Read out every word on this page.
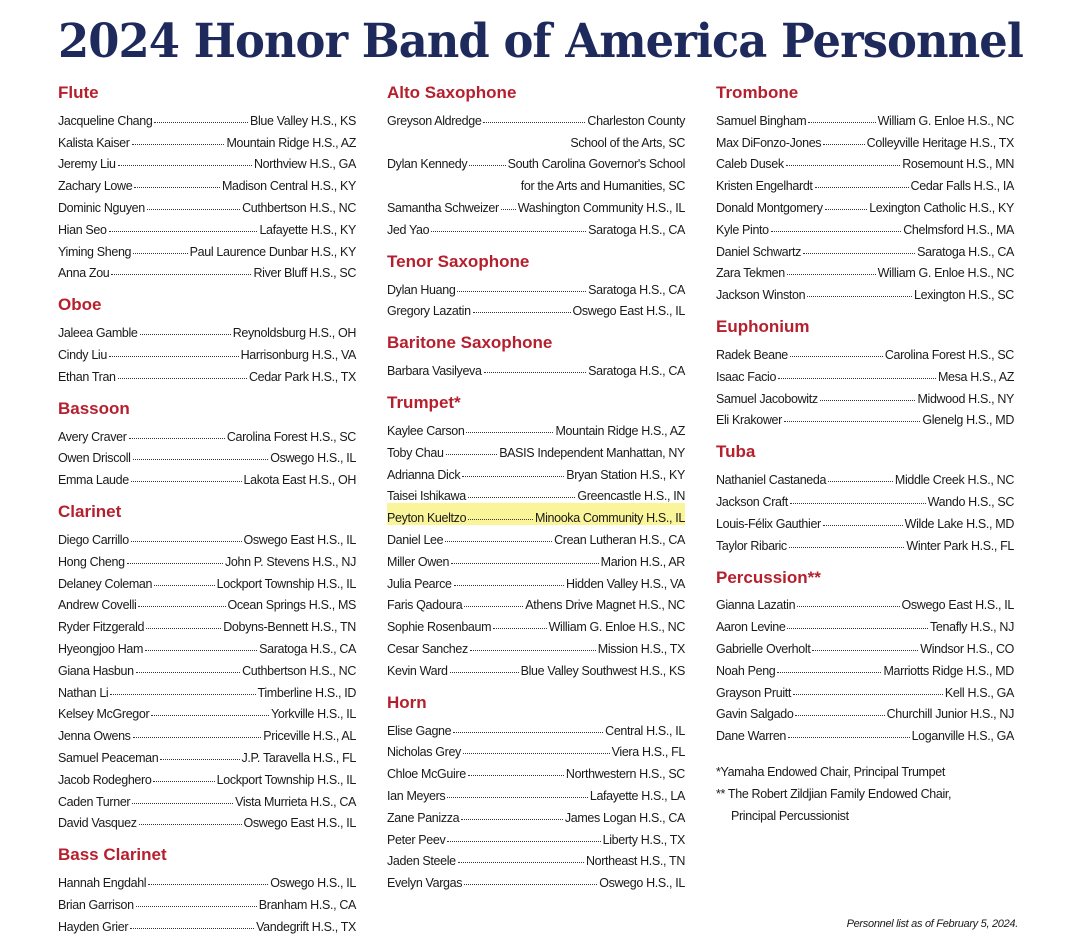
2024 Honor Band of America Personnel
Flute
Jacqueline Chang	Blue Valley H.S., KS
Kalista Kaiser	Mountain Ridge H.S., AZ
Jeremy Liu	Northview H.S., GA
Zachary Lowe	Madison Central H.S., KY
Dominic Nguyen	Cuthbertson H.S., NC
Hian Seo	Lafayette H.S., KY
Yiming Sheng	Paul Laurence Dunbar H.S., KY
Anna Zou	River Bluff H.S., SC
Oboe
Jaleea Gamble	Reynoldsburg H.S., OH
Cindy Liu	Harrisonburg H.S., VA
Ethan Tran	Cedar Park H.S., TX
Bassoon
Avery Craver	Carolina Forest H.S., SC
Owen Driscoll	Oswego H.S., IL
Emma Laude	Lakota East H.S., OH
Clarinet
Diego Carrillo	Oswego East H.S., IL
Hong Cheng	John P. Stevens H.S., NJ
Delaney Coleman	Lockport Township H.S., IL
Andrew Covelli	Ocean Springs H.S., MS
Ryder Fitzgerald	Dobyns-Bennett H.S., TN
Hyeongjoo Ham	Saratoga H.S., CA
Giana Hasbun	Cuthbertson H.S., NC
Nathan Li	Timberline H.S., ID
Kelsey McGregor	Yorkville H.S., IL
Jenna Owens	Priceville H.S., AL
Samuel Peaceman	J.P. Taravella H.S., FL
Jacob Rodeghero	Lockport Township H.S., IL
Caden Turner	Vista Murrieta H.S., CA
David Vasquez	Oswego East H.S., IL
Bass Clarinet
Hannah Engdahl	Oswego H.S., IL
Brian Garrison	Branham H.S., CA
Hayden Grier	Vandegrift H.S., TX
Alto Saxophone
Greyson Aldredge	Charleston County
School of the Arts, SC
Dylan Kennedy	South Carolina Governor's School
for the Arts and Humanities, SC
Samantha Schweizer Washington Community H.S., IL
Jed Yao	Saratoga H.S., CA
Tenor Saxophone
Dylan Huang	Saratoga H.S., CA
Gregory Lazatin	Oswego East H.S., IL
Baritone Saxophone
Barbara Vasilyeva	Saratoga H.S., CA
Trumpet*
Kaylee Carson	Mountain Ridge H.S., AZ
Toby Chau	BASIS Independent Manhattan, NY
Adrianna Dick	Bryan Station H.S., KY
Taisei Ishikawa	Greencastle H.S., IN
Peyton Kueltzo	Minooka Community H.S., IL
Daniel Lee	Crean Lutheran H.S., CA
Miller Owen	Marion H.S., AR
Julia Pearce	Hidden Valley H.S., VA
Faris Qadoura	Athens Drive Magnet H.S., NC
Sophie Rosenbaum	William G. Enloe H.S., NC
Cesar Sanchez	Mission H.S., TX
Kevin Ward	Blue Valley Southwest H.S., KS
Horn
Elise Gagne	Central H.S., IL
Nicholas Grey	Viera H.S., FL
Chloe McGuire	Northwestern H.S., SC
Ian Meyers	Lafayette H.S., LA
Zane Panizza	James Logan H.S., CA
Peter Peev	Liberty H.S., TX
Jaden Steele	Northeast H.S., TN
Evelyn Vargas	Oswego H.S., IL
Trombone
Samuel Bingham	William G. Enloe H.S., NC
Max DiFonzo-Jones	Colleyville Heritage H.S., TX
Caleb Dusek	Rosemount H.S., MN
Kristen Engelhardt	Cedar Falls H.S., IA
Donald Montgomery	Lexington Catholic H.S., KY
Kyle Pinto	Chelmsford H.S., MA
Daniel Schwartz	Saratoga H.S., CA
Zara Tekmen	William G. Enloe H.S., NC
Jackson Winston	Lexington H.S., SC
Euphonium
Radek Beane	Carolina Forest H.S., SC
Isaac Facio	Mesa H.S., AZ
Samuel Jacobowitz	Midwood H.S., NY
Eli Krakower	Glenelg H.S., MD
Tuba
Nathaniel Castaneda	Middle Creek H.S., NC
Jackson Craft	Wando H.S., SC
Louis-Félix Gauthier	Wilde Lake H.S., MD
Taylor Ribaric	Winter Park H.S., FL
Percussion**
Gianna Lazatin	Oswego East H.S., IL
Aaron Levine	Tenafly H.S., NJ
Gabrielle Overholt	Windsor H.S., CO
Noah Peng	Marriotts Ridge H.S., MD
Grayson Pruitt	Kell H.S., GA
Gavin Salgado	Churchill Junior H.S., NJ
Dane Warren	Loganville H.S., GA
*Yamaha Endowed Chair, Principal Trumpet
** The Robert Zildjian Family Endowed Chair,
Principal Percussionist
Personnel list as of February 5, 2024.
